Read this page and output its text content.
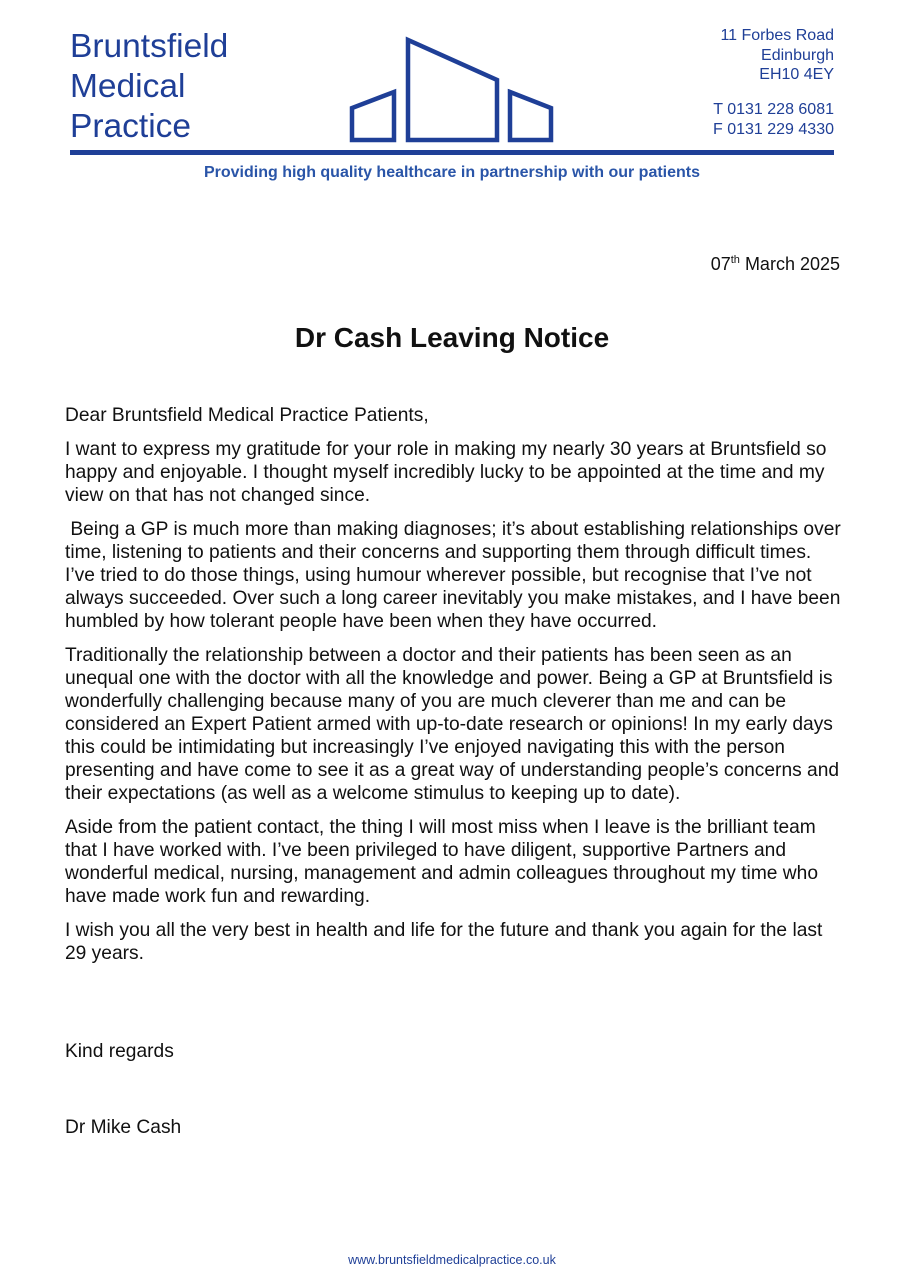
Bruntsfield
Medical
Practice
11 Forbes Road
Edinburgh
EH10 4EY
T 0131 228 6081
F 0131 229 4330
Providing high quality healthcare in partnership with our patients
07th March 2025
Dr Cash Leaving Notice

Dear Bruntsfield Medical Practice Patients,

I want to express my gratitude for your role in making my nearly 30 years at Bruntsfield so happy and enjoyable. I thought myself incredibly lucky to be appointed at the time and my view on that has not changed since.

Being a GP is much more than making diagnoses; it’s about establishing relationships over time, listening to patients and their concerns and supporting them through difficult times. I’ve tried to do those things, using humour wherever possible, but recognise that I’ve not always succeeded. Over such a long career inevitably you make mistakes, and I have been humbled by how tolerant people have been when they have occurred.

Traditionally the relationship between a doctor and their patients has been seen as an unequal one with the doctor with all the knowledge and power. Being a GP at Bruntsfield is wonderfully challenging because many of you are much cleverer than me and can be considered an Expert Patient armed with up-to-date research or opinions! In my early days this could be intimidating but increasingly I’ve enjoyed navigating this with the person presenting and have come to see it as a great way of understanding people’s concerns and their expectations (as well as a welcome stimulus to keeping up to date).

Aside from the patient contact, the thing I will most miss when I leave is the brilliant team that I have worked with. I’ve been privileged to have diligent, supportive Partners and wonderful medical, nursing, management and admin colleagues throughout my time who have made work fun and rewarding.

I wish you all the very best in health and life for the future and thank you again for the last 29 years.

Kind regards
Dr Mike Cash
www.bruntsfieldmedicalpractice.co.uk
